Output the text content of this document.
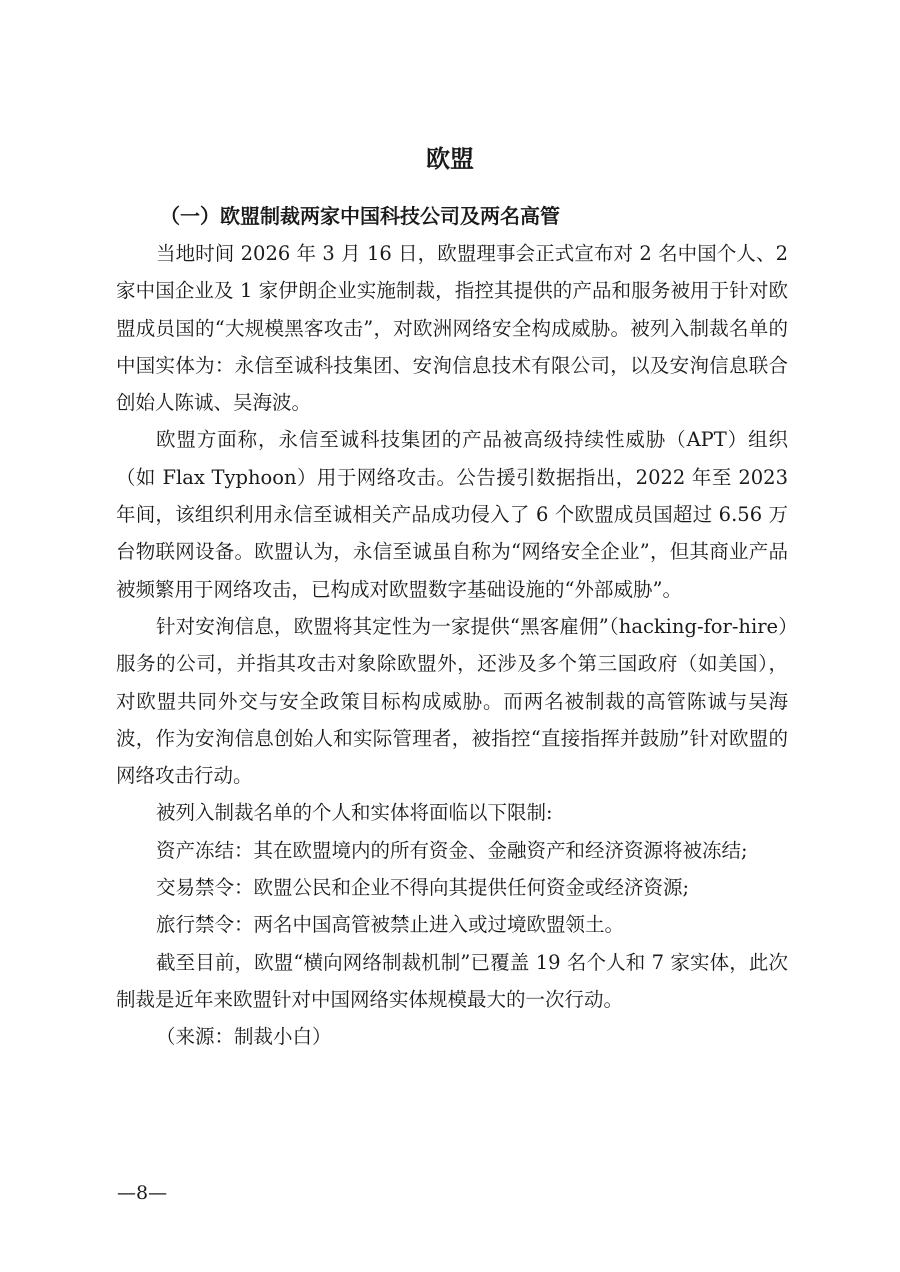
欧盟
（一）欧盟制裁两家中国科技公司及两名高管

当地时间 2026 年 3 月 16 日，欧盟理事会正式宣布对 2 名中国个人、2 家中国企业及 1 家伊朗企业实施制裁，指控其提供的产品和服务被用于针对欧盟成员国的“大规模黑客攻击”，对欧洲网络安全构成威胁。被列入制裁名单的中国实体为：永信至诚科技集团、安洵信息技术有限公司，以及安洵信息联合创始人陈诚、吴海波。

欧盟方面称，永信至诚科技集团的产品被高级持续性威胁（APT）组织（如 Flax Typhoon）用于网络攻击。公告援引数据指出，2022 年至 2023 年间，该组织利用永信至诚相关产品成功侵入了 6 个欧盟成员国超过 6.56 万台物联网设备。欧盟认为，永信至诚虽自称为“网络安全企业”，但其商业产品被频繁用于网络攻击，已构成对欧盟数字基础设施的“外部威胁”。

针对安洵信息，欧盟将其定性为一家提供“黑客雇佣”（hacking-for-hire）服务的公司，并指其攻击对象除欧盟外，还涉及多个第三国政府（如美国），对欧盟共同外交与安全政策目标构成威胁。而两名被制裁的高管陈诚与吴海波，作为安洵信息创始人和实际管理者，被指控“直接指挥并鼓励”针对欧盟的网络攻击行动。

被列入制裁名单的个人和实体将面临以下限制:

资产冻结：其在欧盟境内的所有资金、金融资产和经济资源将被冻结;

交易禁令：欧盟公民和企业不得向其提供任何资金或经济资源;

旅行禁令：两名中国高管被禁止进入或过境欧盟领土。

截至目前，欧盟“横向网络制裁机制”已覆盖 19 名个人和 7 家实体，此次制裁是近年来欧盟针对中国网络实体规模最大的一次行动。

（来源：制裁小白）

—8—
